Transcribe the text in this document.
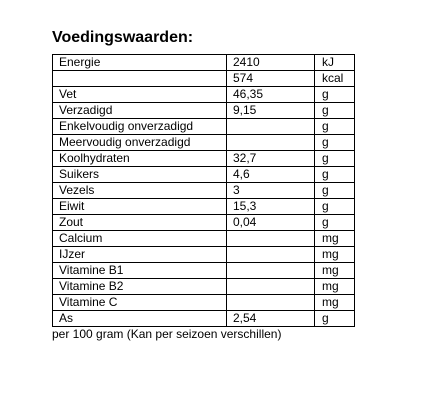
Voedingswaarden:
Energie	2410	kJ
	574	kcal
Vet	46,35	g
Verzadigd	9,15	g
Enkelvoudig onverzadigd		g
Meervoudig onverzadigd		g
Koolhydraten	32,7	g
Suikers	4,6	g
Vezels	3	g
Eiwit	15,3	g
Zout	0,04	g
Calcium		mg
IJzer		mg
Vitamine B1		mg
Vitamine B2		mg
Vitamine C		mg
As	2,54	g
per 100 gram (Kan per seizoen verschillen)
